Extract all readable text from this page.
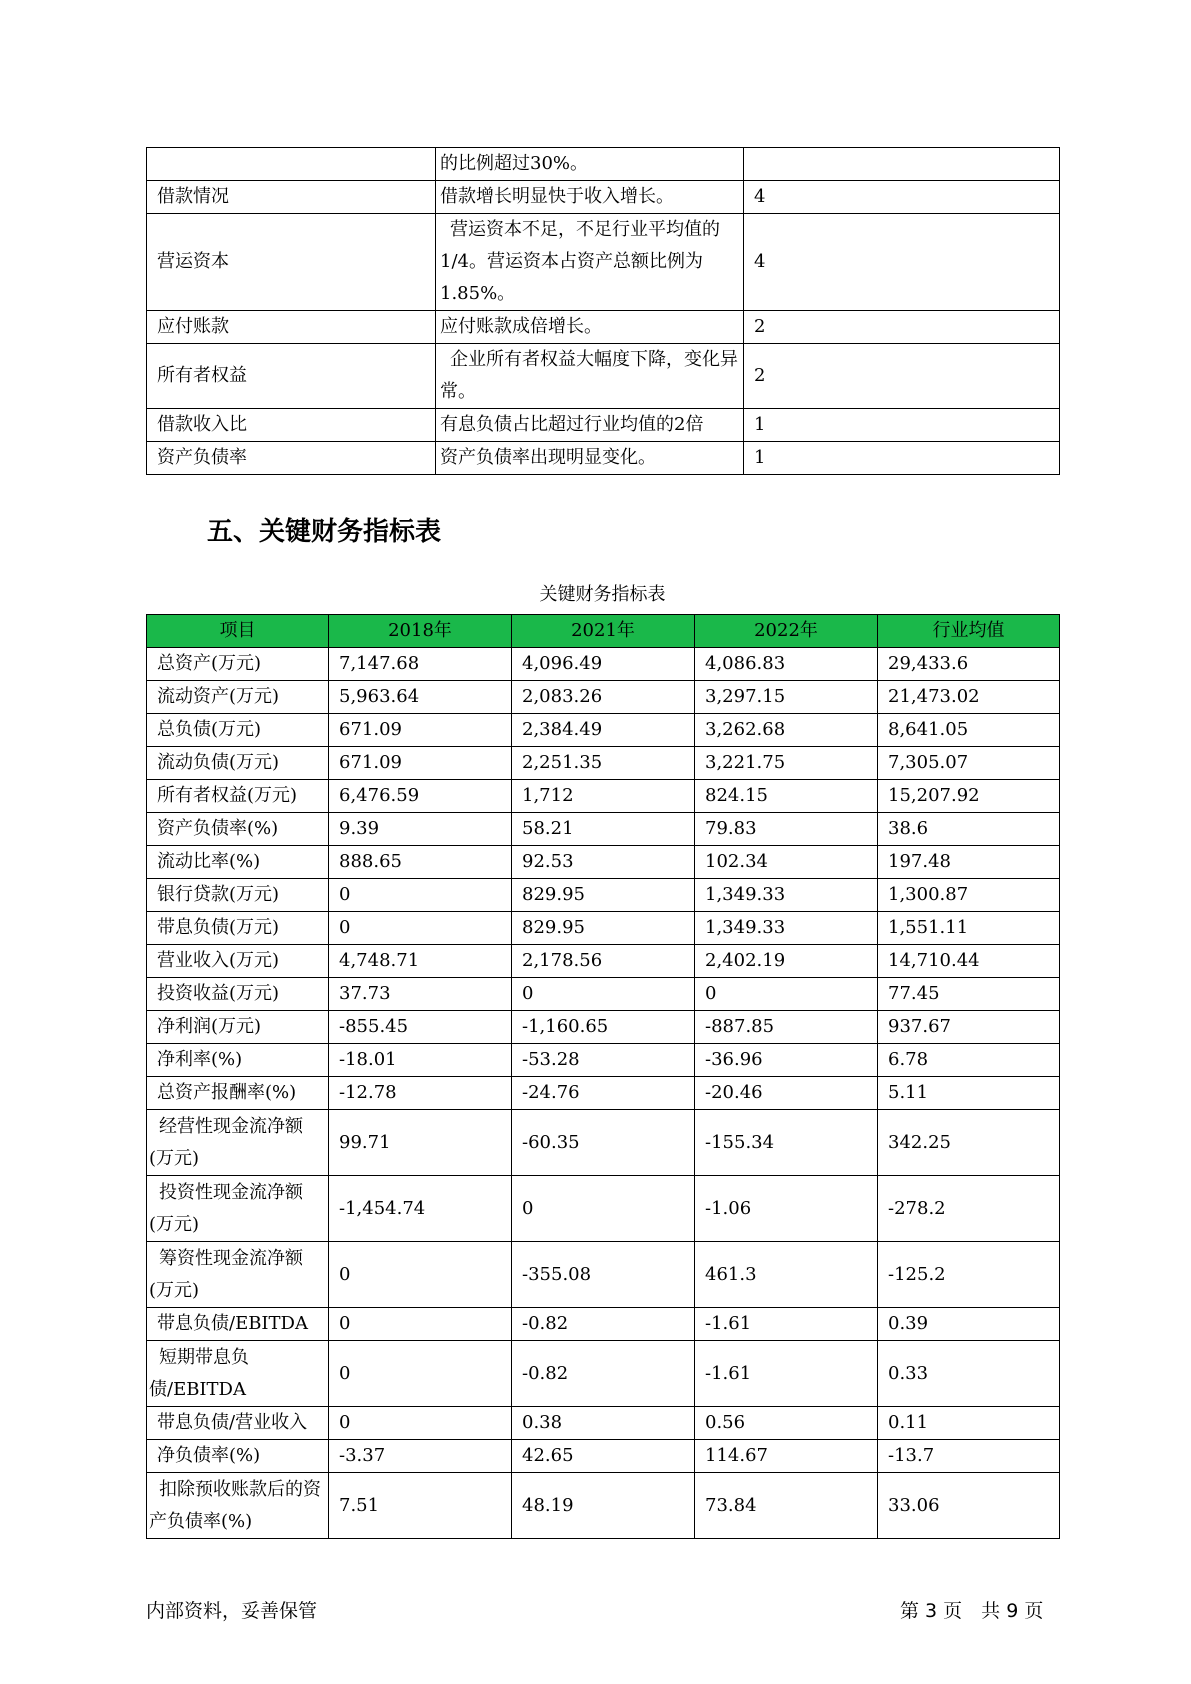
	的比例超过30%。	
借款情况	借款增长明显快于收入增长。	4
营运资本	营运资本不足，不足行业平均值的1/4。营运资本占资产总额比例为1.85%。	4
应付账款	应付账款成倍增长。	2
所有者权益	企业所有者权益大幅度下降，变化异常。	2
借款收入比	有息负债占比超过行业均值的2倍	1
资产负债率	资产负债率出现明显变化。	1
五、关键财务指标表
关键财务指标表
项目	2018年	2021年	2022年	行业均值
总资产(万元)	7,147.68	4,096.49	4,086.83	29,433.6
流动资产(万元)	5,963.64	2,083.26	3,297.15	21,473.02
总负债(万元)	671.09	2,384.49	3,262.68	8,641.05
流动负债(万元)	671.09	2,251.35	3,221.75	7,305.07
所有者权益(万元)	6,476.59	1,712	824.15	15,207.92
资产负债率(%)	9.39	58.21	79.83	38.6
流动比率(%)	888.65	92.53	102.34	197.48
银行贷款(万元)	0	829.95	1,349.33	1,300.87
带息负债(万元)	0	829.95	1,349.33	1,551.11
营业收入(万元)	4,748.71	2,178.56	2,402.19	14,710.44
投资收益(万元)	37.73	0	0	77.45
净利润(万元)	-855.45	-1,160.65	-887.85	937.67
净利率(%)	-18.01	-53.28	-36.96	6.78
总资产报酬率(%)	-12.78	-24.76	-20.46	5.11
经营性现金流净额(万元)	99.71	-60.35	-155.34	342.25
投资性现金流净额(万元)	-1,454.74	0	-1.06	-278.2
筹资性现金流净额(万元)	0	-355.08	461.3	-125.2
带息负债/EBITDA	0	-0.82	-1.61	0.39
短期带息负债/EBITDA	0	-0.82	-1.61	0.33
带息负债/营业收入	0	0.38	0.56	0.11
净负债率(%)	-3.37	42.65	114.67	-13.7
扣除预收账款后的资产负债率(%)	7.51	48.19	73.84	33.06
内部资料，妥善保管	第 3 页　共 9 页
